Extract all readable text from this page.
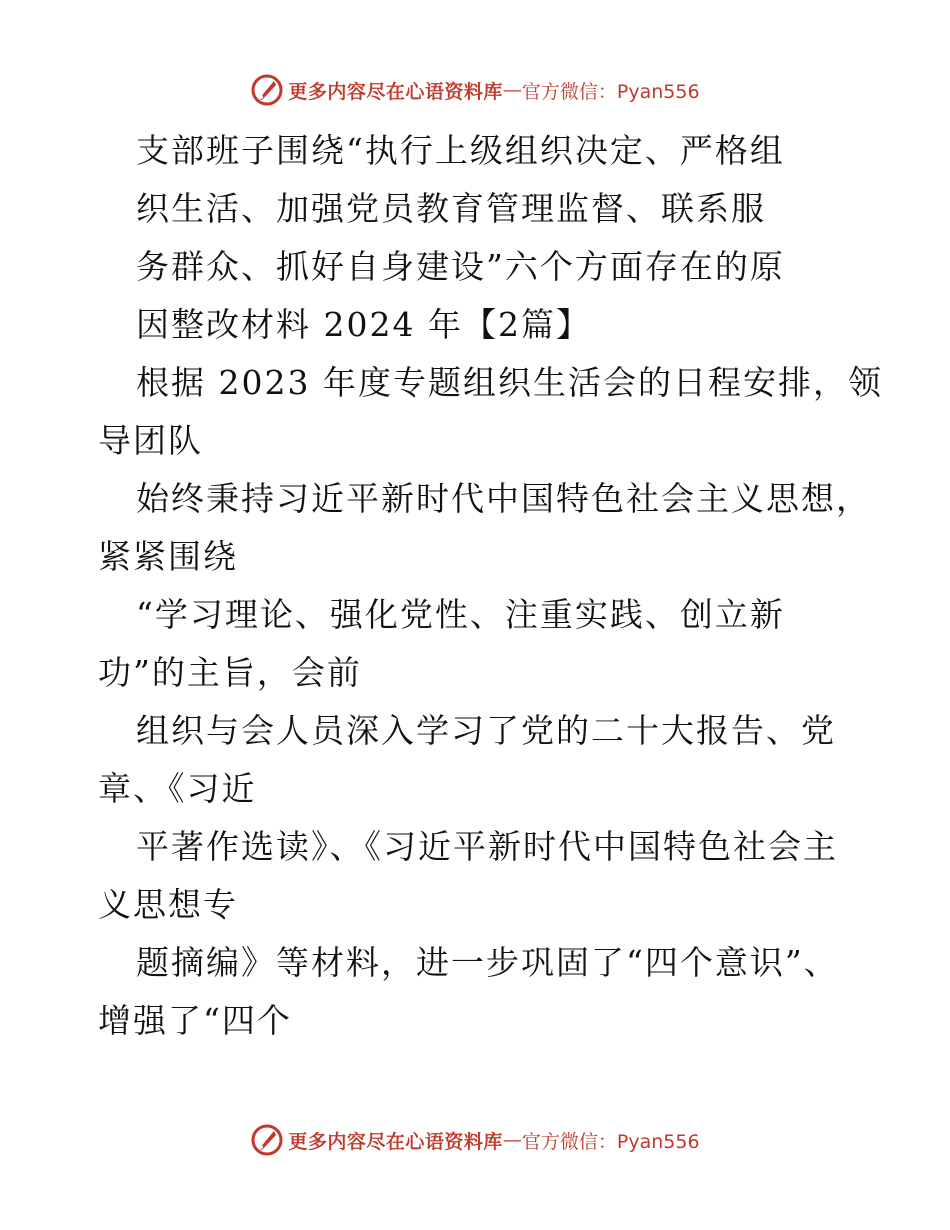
更多内容尽在心语资料库 — 官方微信：Pyan556
支部班子围绕“执行上级组织决定、严格组
织生活、加强党员教育管理监督、联系服
务群众、抓好自身建设”六个方面存在的原
因整改材料 2024 年【2篇】
根据 2023 年度专题组织生活会的日程安排，领
导团队
始终秉持习近平新时代中国特色社会主义思想，
紧紧围绕
“学习理论、强化党性、注重实践、创立新
功”的主旨，会前
组织与会人员深入学习了党的二十大报告、党
章、《习近
平著作选读》、《习近平新时代中国特色社会主
义思想专
题摘编》等材料，进一步巩固了“四个意识”、
增强了“四个
更多内容尽在心语资料库 — 官方微信：Pyan556
